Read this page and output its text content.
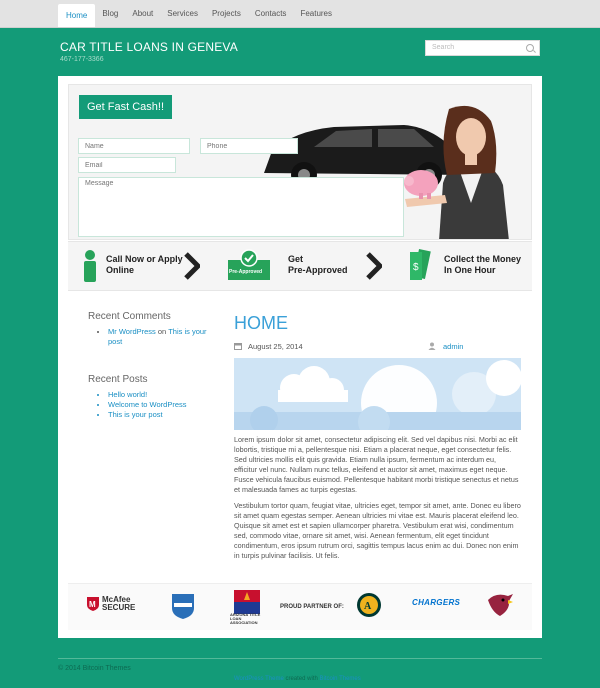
Home	Blog	About	Services	Projects	Contacts	Features
CAR TITLE LOANS IN GENEVA
467-177-3366
Search
Get Fast Cash!!
Name
Phone
Email
Message
Call Now or Apply
Online	Pre-Approved
Get
Pre-Approved	$
Collect the Money
In One Hour
Recent Comments
• Mr WordPress on This is your post
Recent Posts
• Hello world!
• Welcome to WordPress
• This is your post
HOME
August 25, 2014	admin

Lorem ipsum dolor sit amet, consectetur adipiscing elit. Sed vel dapibus nisi. Morbi ac elit lobortis, tristique mi a, pellentesque nisi. Etiam a placerat neque, eget consectetur felis. Sed ultricies mollis elit quis gravida. Etiam nulla ipsum, fermentum ac interdum eu, efficitur vel nunc. Nullam nunc tellus, eleifend et auctor sit amet, maximus eget neque. Fusce vehicula faucibus euismod. Pellentesque habitant morbi tristique senectus et netus et malesuada fames ac turpis egestas.

Vestibulum tortor quam, feugiat vitae, ultricies eget, tempor sit amet, ante. Donec eu libero sit amet quam egestas semper. Aenean ultricies mi vitae est. Mauris placerat eleifend leo. Quisque sit amet est et sapien ullamcorper pharetra. Vestibulum erat wisi, condimentum sed, commodo vitae, ornare sit amet, wisi. Aenean fermentum, elit eget tincidunt condimentum, eros ipsum rutrum orci, sagittis tempus lacus enim ac dui. Donec non enim in turpis pulvinar facilisis. Ut felis.

M
McAfee SECURE
ARIZONA TITLE LOAN ASSOCIATION
PROUD PARTNER OF: A	CHARGERS
© 2014 Bitcoin Themes
WordPress Theme created with Bitcoin Themes
